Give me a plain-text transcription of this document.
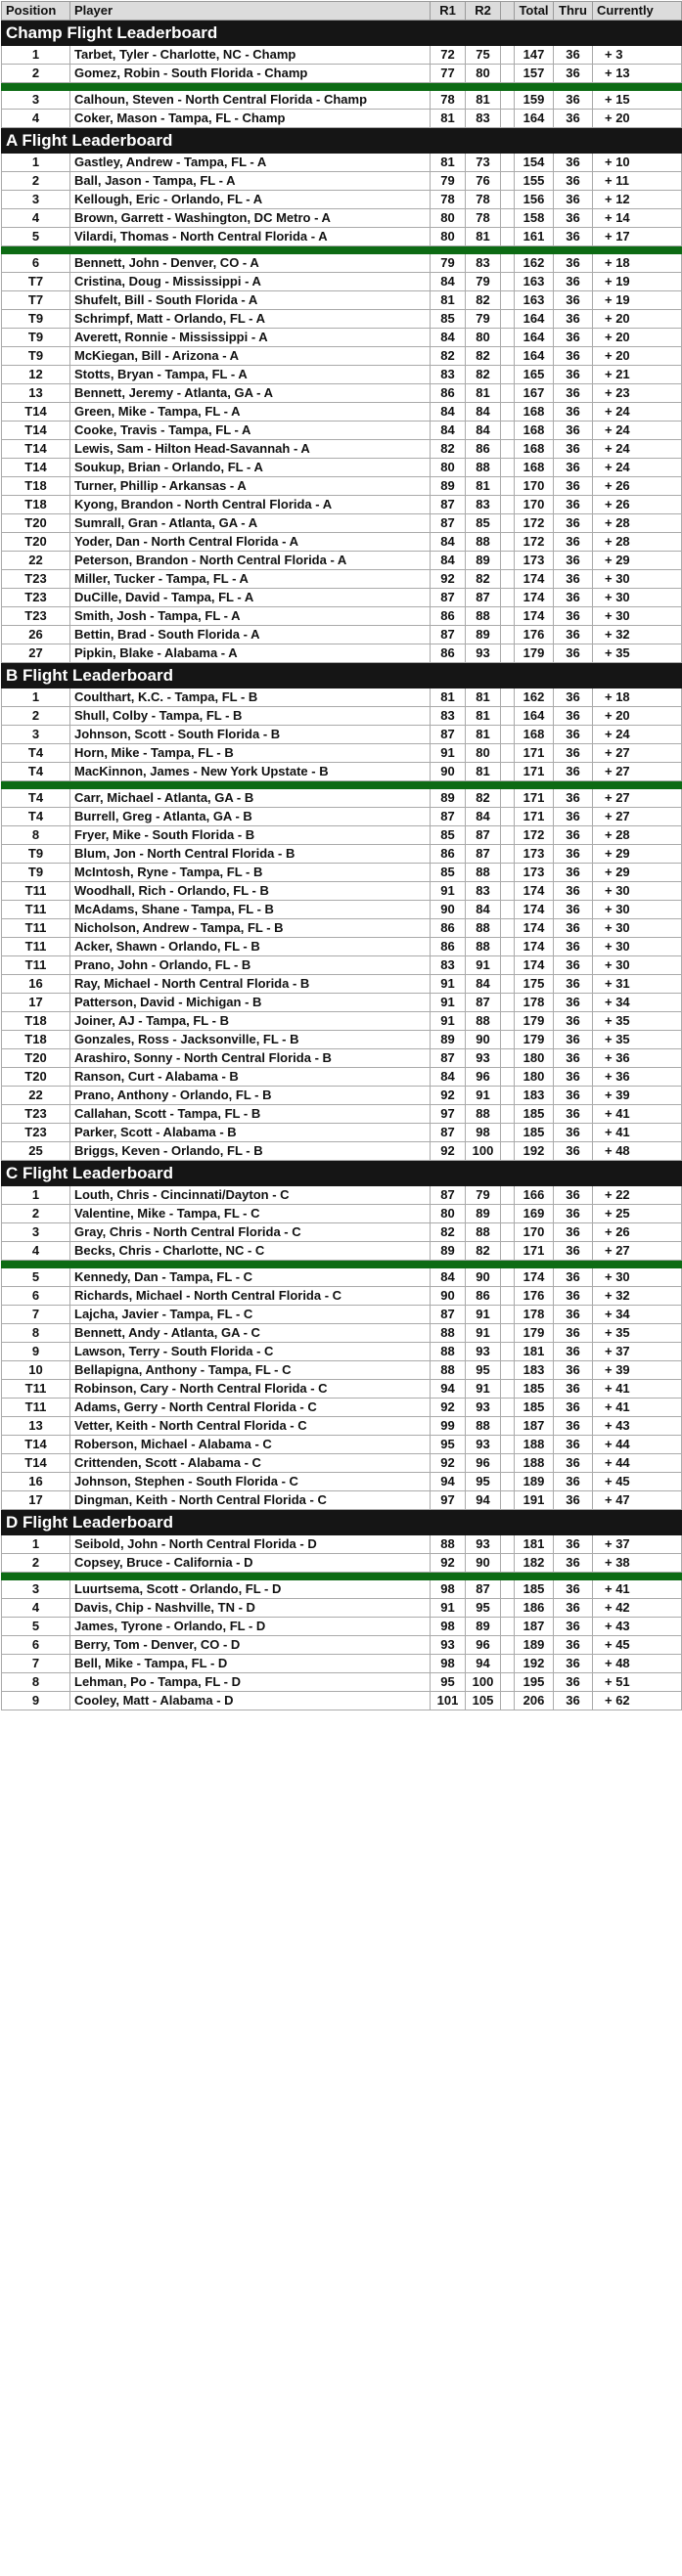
Position	Player	R1	R2		Total	Thru	Currently
Champ Flight Leaderboard							
1	Tarbet, Tyler - Charlotte, NC - Champ	72	75		147	36	+ 3
2	Gomez, Robin - South Florida - Champ	77	80		157	36	+ 13

3	Calhoun, Steven - North Central Florida - Champ	78	81		159	36	+ 15
4	Coker, Mason - Tampa, FL - Champ	81	83		164	36	+ 20
A Flight Leaderboard							
1	Gastley, Andrew - Tampa, FL - A	81	73		154	36	+ 10
2	Ball, Jason - Tampa, FL - A	79	76		155	36	+ 11
3	Kellough, Eric - Orlando, FL - A	78	78		156	36	+ 12
4	Brown, Garrett - Washington, DC Metro - A	80	78		158	36	+ 14
5	Vilardi, Thomas - North Central Florida - A	80	81		161	36	+ 17

6	Bennett, John - Denver, CO - A	79	83		162	36	+ 18
T7	Cristina, Doug - Mississippi - A	84	79		163	36	+ 19
T7	Shufelt, Bill - South Florida - A	81	82		163	36	+ 19
T9	Schrimpf, Matt - Orlando, FL - A	85	79		164	36	+ 20
T9	Averett, Ronnie - Mississippi - A	84	80		164	36	+ 20
T9	McKiegan, Bill - Arizona - A	82	82		164	36	+ 20
12	Stotts, Bryan - Tampa, FL - A	83	82		165	36	+ 21
13	Bennett, Jeremy - Atlanta, GA - A	86	81		167	36	+ 23
T14	Green, Mike - Tampa, FL - A	84	84		168	36	+ 24
T14	Cooke, Travis - Tampa, FL - A	84	84		168	36	+ 24
T14	Lewis, Sam - Hilton Head-Savannah - A	82	86		168	36	+ 24
T14	Soukup, Brian - Orlando, FL - A	80	88		168	36	+ 24
T18	Turner, Phillip - Arkansas - A	89	81		170	36	+ 26
T18	Kyong, Brandon - North Central Florida - A	87	83		170	36	+ 26
T20	Sumrall, Gran - Atlanta, GA - A	87	85		172	36	+ 28
T20	Yoder, Dan - North Central Florida - A	84	88		172	36	+ 28
22	Peterson, Brandon - North Central Florida - A	84	89		173	36	+ 29
T23	Miller, Tucker - Tampa, FL - A	92	82		174	36	+ 30
T23	DuCille, David - Tampa, FL - A	87	87		174	36	+ 30
T23	Smith, Josh - Tampa, FL - A	86	88		174	36	+ 30
26	Bettin, Brad - South Florida - A	87	89		176	36	+ 32
27	Pipkin, Blake - Alabama - A	86	93		179	36	+ 35
B Flight Leaderboard							
1	Coulthart, K.C. - Tampa, FL - B	81	81		162	36	+ 18
2	Shull, Colby - Tampa, FL - B	83	81		164	36	+ 20
3	Johnson, Scott - South Florida - B	87	81		168	36	+ 24
T4	Horn, Mike - Tampa, FL - B	91	80		171	36	+ 27
T4	MacKinnon, James - New York Upstate - B	90	81		171	36	+ 27

T4	Carr, Michael - Atlanta, GA - B	89	82		171	36	+ 27
T4	Burrell, Greg - Atlanta, GA - B	87	84		171	36	+ 27
8	Fryer, Mike - South Florida - B	85	87		172	36	+ 28
T9	Blum, Jon - North Central Florida - B	86	87		173	36	+ 29
T9	McIntosh, Ryne - Tampa, FL - B	85	88		173	36	+ 29
T11	Woodhall, Rich - Orlando, FL - B	91	83		174	36	+ 30
T11	McAdams, Shane - Tampa, FL - B	90	84		174	36	+ 30
T11	Nicholson, Andrew - Tampa, FL - B	86	88		174	36	+ 30
T11	Acker, Shawn - Orlando, FL - B	86	88		174	36	+ 30
T11	Prano, John - Orlando, FL - B	83	91		174	36	+ 30
16	Ray, Michael - North Central Florida - B	91	84		175	36	+ 31
17	Patterson, David - Michigan - B	91	87		178	36	+ 34
T18	Joiner, AJ - Tampa, FL - B	91	88		179	36	+ 35
T18	Gonzales, Ross - Jacksonville, FL - B	89	90		179	36	+ 35
T20	Arashiro, Sonny - North Central Florida - B	87	93		180	36	+ 36
T20	Ranson, Curt - Alabama - B	84	96		180	36	+ 36
22	Prano, Anthony - Orlando, FL - B	92	91		183	36	+ 39
T23	Callahan, Scott - Tampa, FL - B	97	88		185	36	+ 41
T23	Parker, Scott - Alabama - B	87	98		185	36	+ 41
25	Briggs, Keven - Orlando, FL - B	92	100		192	36	+ 48
C Flight Leaderboard							
1	Louth, Chris - Cincinnati/Dayton - C	87	79		166	36	+ 22
2	Valentine, Mike - Tampa, FL - C	80	89		169	36	+ 25
3	Gray, Chris - North Central Florida - C	82	88		170	36	+ 26
4	Becks, Chris - Charlotte, NC - C	89	82		171	36	+ 27

5	Kennedy, Dan - Tampa, FL - C	84	90		174	36	+ 30
6	Richards, Michael - North Central Florida - C	90	86		176	36	+ 32
7	Lajcha, Javier - Tampa, FL - C	87	91		178	36	+ 34
8	Bennett, Andy - Atlanta, GA - C	88	91		179	36	+ 35
9	Lawson, Terry - South Florida - C	88	93		181	36	+ 37
10	Bellapigna, Anthony - Tampa, FL - C	88	95		183	36	+ 39
T11	Robinson, Cary - North Central Florida - C	94	91		185	36	+ 41
T11	Adams, Gerry - North Central Florida - C	92	93		185	36	+ 41
13	Vetter, Keith - North Central Florida - C	99	88		187	36	+ 43
T14	Roberson, Michael - Alabama - C	95	93		188	36	+ 44
T14	Crittenden, Scott - Alabama - C	92	96		188	36	+ 44
16	Johnson, Stephen - South Florida - C	94	95		189	36	+ 45
17	Dingman, Keith - North Central Florida - C	97	94		191	36	+ 47
D Flight Leaderboard							
1	Seibold, John - North Central Florida - D	88	93		181	36	+ 37
2	Copsey, Bruce - California - D	92	90		182	36	+ 38

3	Luurtsema, Scott - Orlando, FL - D	98	87		185	36	+ 41
4	Davis, Chip - Nashville, TN - D	91	95		186	36	+ 42
5	James, Tyrone - Orlando, FL - D	98	89		187	36	+ 43
6	Berry, Tom - Denver, CO - D	93	96		189	36	+ 45
7	Bell, Mike - Tampa, FL - D	98	94		192	36	+ 48
8	Lehman, Po - Tampa, FL - D	95	100		195	36	+ 51
9	Cooley, Matt - Alabama - D	101	105		206	36	+ 62
